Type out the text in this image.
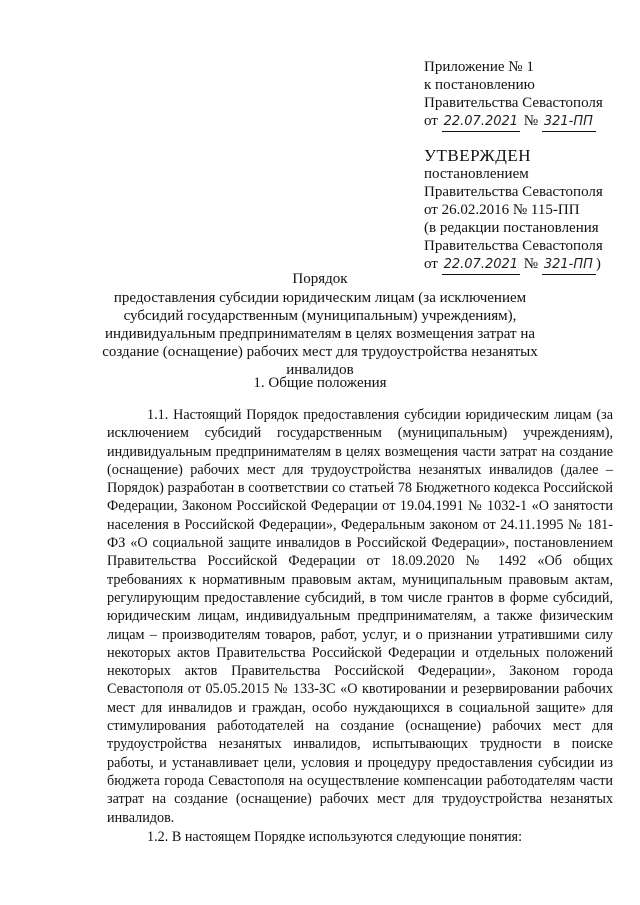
Приложение № 1
к постановлению
Правительства Севастополя
от 22.07.2021 № 321-ПП
УТВЕРЖДЕН
постановлением
Правительства Севастополя
от 26.02.2016 № 115-ПП
(в редакции постановления
Правительства Севастополя
от 22.07.2021 № 321-ПП )
Порядок
предоставления субсидии юридическим лицам (за исключением субсидий государственным (муниципальным) учреждениям), индивидуальным предпринимателям в целях возмещения затрат на создание (оснащение) рабочих мест для трудоустройства незанятых инвалидов
1. Общие положения
1.1. Настоящий Порядок предоставления субсидии юридическим лицам (за исключением субсидий государственным (муниципальным) учреждениям), индивидуальным предпринимателям в целях возмещения части затрат на создание (оснащение) рабочих мест для трудоустройства незанятых инвалидов (далее – Порядок) разработан в соответствии со статьей 78 Бюджетного кодекса Российской Федерации, Законом Российской Федерации от 19.04.1991 № 1032-1 «О занятости населения в Российской Федерации», Федеральным законом от 24.11.1995 № 181-ФЗ «О социальной защите инвалидов в Российской Федерации», постановлением Правительства Российской Федерации от 18.09.2020 № 1492 «Об общих требованиях к нормативным правовым актам, муниципальным правовым актам, регулирующим предоставление субсидий, в том числе грантов в форме субсидий, юридическим лицам, индивидуальным предпринимателям, а также физическим лицам – производителям товаров, работ, услуг, и о признании утратившими силу некоторых актов Правительства Российской Федерации и отдельных положений некоторых актов Правительства Российской Федерации», Законом города Севастополя от 05.05.2015 № 133-ЗС «О квотировании и резервировании рабочих мест для инвалидов и граждан, особо нуждающихся в социальной защите» для стимулирования работодателей на создание (оснащение) рабочих мест для трудоустройства незанятых инвалидов, испытывающих трудности в поиске работы, и устанавливает цели, условия и процедуру предоставления субсидии из бюджета города Севастополя на осуществление компенсации работодателям части затрат на создание (оснащение) рабочих мест для трудоустройства незанятых инвалидов.
1.2. В настоящем Порядке используются следующие понятия:
